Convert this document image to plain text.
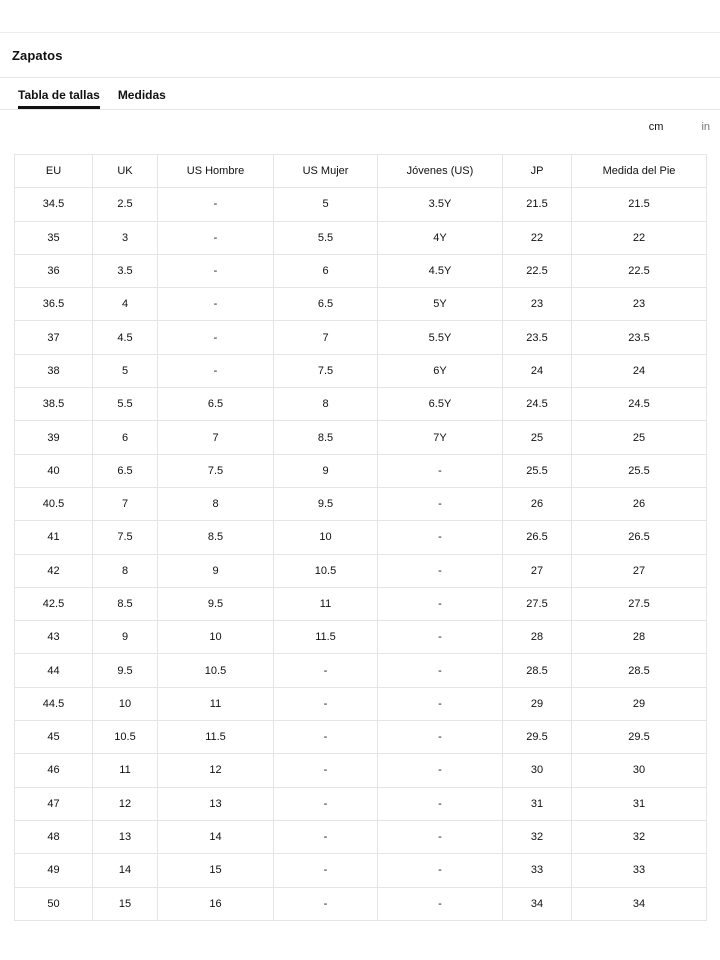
Zapatos
Tabla de tallas Medidas
cm	in
EU	UK	US Hombre	US Mujer	Jóvenes (US)	JP	Medida del Pie
34.5	2.5	-	5	3.5Y	21.5	21.5
35	3	-	5.5	4Y	22	22
36	3.5	-	6	4.5Y	22.5	22.5
36.5	4	-	6.5	5Y	23	23
37	4.5	-	7	5.5Y	23.5	23.5
38	5	-	7.5	6Y	24	24
38.5	5.5	6.5	8	6.5Y	24.5	24.5
39	6	7	8.5	7Y	25	25
40	6.5	7.5	9	-	25.5	25.5
40.5	7	8	9.5	-	26	26
41	7.5	8.5	10	-	26.5	26.5
42	8	9	10.5	-	27	27
42.5	8.5	9.5	11	-	27.5	27.5
43	9	10	11.5	-	28	28
44	9.5	10.5	-	-	28.5	28.5
44.5	10	11	-	-	29	29
45	10.5	11.5	-	-	29.5	29.5
46	11	12	-	-	30	30
47	12	13	-	-	31	31
48	13	14	-	-	32	32
49	14	15	-	-	33	33
50	15	16	-	-	34	34
